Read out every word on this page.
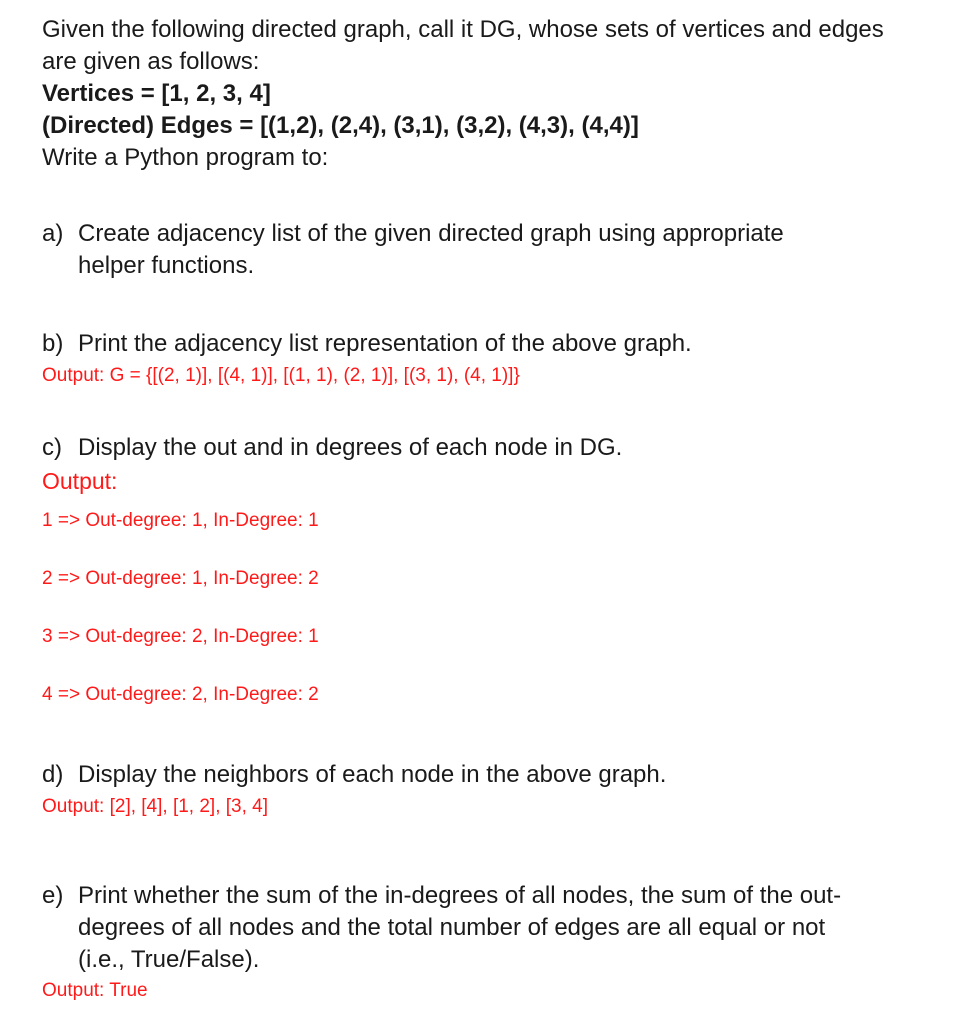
Given the following directed graph, call it DG, whose sets of vertices and edges

are given as follows:

Vertices = [1, 2, 3, 4]

(Directed) Edges = [(1,2), (2,4), (3,1), (3,2), (4,3), (4,4)]

Write a Python program to:

a) Create adjacency list of the given directed graph using appropriate
helper functions.
b) Print the adjacency list representation of the above graph.

Output: G = {[(2, 1)], [(4, 1)], [(1, 1), (2, 1)], [(3, 1), (4, 1)]}

c) Display the out and in degrees of each node in DG.

Output:

1 => Out-degree: 1, In-Degree: 1
2 => Out-degree: 1, In-Degree: 2
3 => Out-degree: 2, In-Degree: 1
4 => Out-degree: 2, In-Degree: 2
d) Display the neighbors of each node in the above graph.

Output: [2], [4], [1, 2], [3, 4]

e) Print whether the sum of the in-degrees of all nodes, the sum of the out-
degrees of all nodes and the total number of edges are all equal or not
(i.e., True/False).

Output: True
